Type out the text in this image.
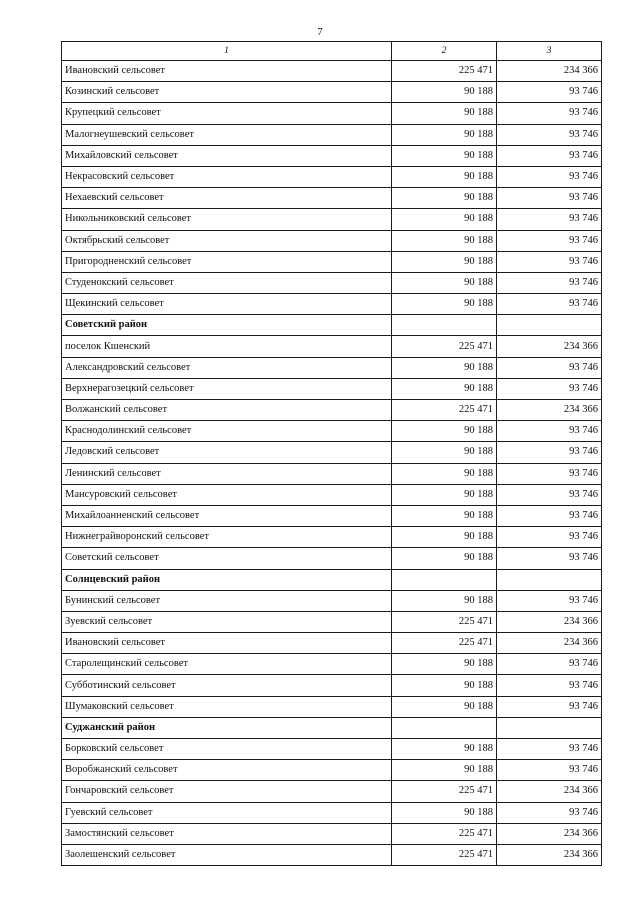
7
1	2	3
Ивановский сельсовет	225 471	234 366
Козинский сельсовет	90 188	93 746
Крупецкий сельсовет	90 188	93 746
Малогнеушевский сельсовет	90 188	93 746
Михайловский сельсовет	90 188	93 746
Некрасовский сельсовет	90 188	93 746
Нехаевский сельсовет	90 188	93 746
Никольниковский сельсовет	90 188	93 746
Октябрьский сельсовет	90 188	93 746
Пригородненский сельсовет	90 188	93 746
Студенокский сельсовет	90 188	93 746
Щекинский сельсовет	90 188	93 746
Советский район		
поселок Кшенский	225 471	234 366
Александровский сельсовет	90 188	93 746
Верхнерагозецкий сельсовет	90 188	93 746
Волжанский сельсовет	225 471	234 366
Краснодолинский сельсовет	90 188	93 746
Ледовский сельсовет	90 188	93 746
Ленинский сельсовет	90 188	93 746
Мансуровский сельсовет	90 188	93 746
Михайлоанненский сельсовет	90 188	93 746
Нижнеграйворонский сельсовет	90 188	93 746
Советский сельсовет	90 188	93 746
Солнцевский район		
Бунинский сельсовет	90 188	93 746
Зуевский сельсовет	225 471	234 366
Ивановский сельсовет	225 471	234 366
Старолещинский сельсовет	90 188	93 746
Субботинский сельсовет	90 188	93 746
Шумаковский сельсовет	90 188	93 746
Суджанский район		
Борковский сельсовет	90 188	93 746
Воробжанский сельсовет	90 188	93 746
Гончаровский сельсовет	225 471	234 366
Гуевский сельсовет	90 188	93 746
Замостянский сельсовет	225 471	234 366
Заолешенский сельсовет	225 471	234 366
